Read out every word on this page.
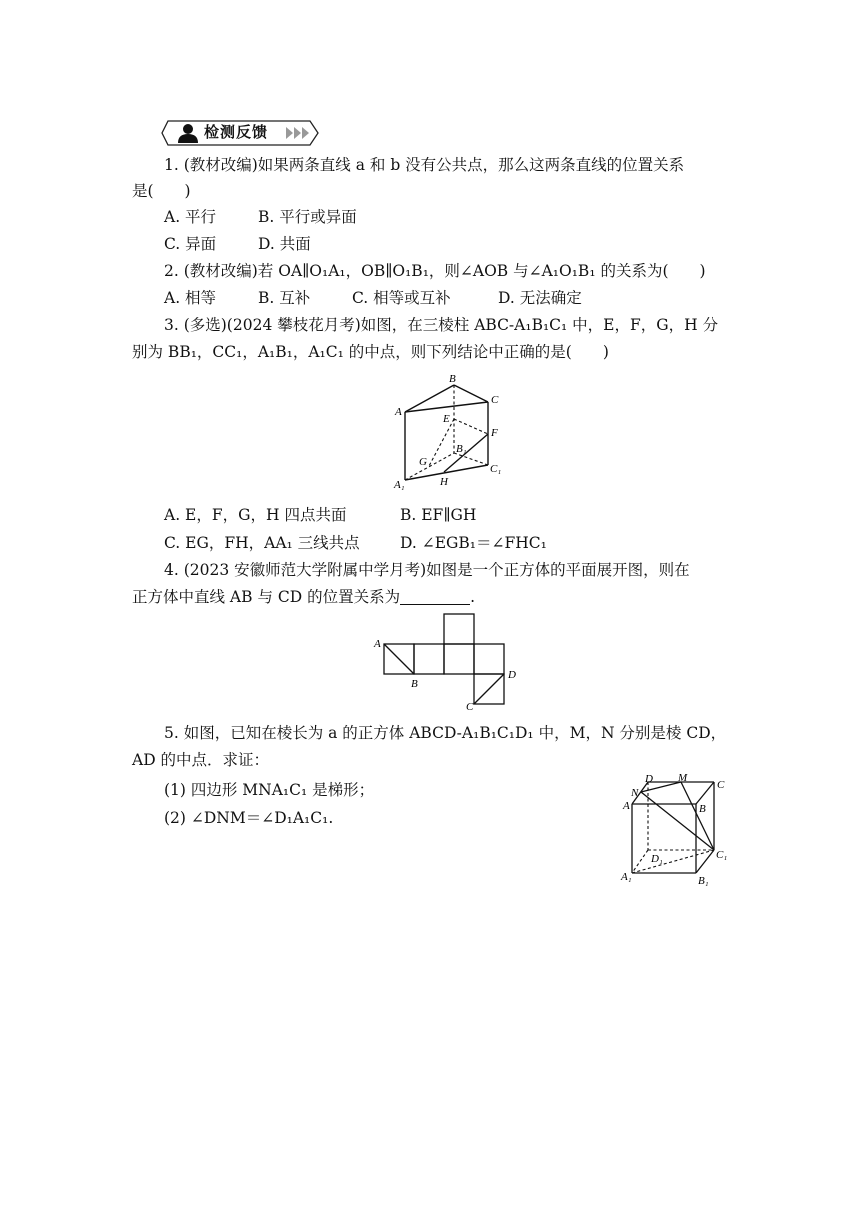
检测反馈
1. (教材改编)如果两条直线 a 和 b 没有公共点，那么这两条直线的位置关系
是(　　)
A. 平行	B. 平行或异面
C. 异面	D. 共面
2. (教材改编)若 OA∥O₁A₁，OB∥O₁B₁，则∠AOB 与∠A₁O₁B₁ 的关系为(　　)
A. 相等	B. 互补	C. 相等或互补	D. 无法确定
3. (多选)(2024 攀枝花月考)如图，在三棱柱 ABC-A₁B₁C₁ 中，E，F，G，H 分
别为 BB₁，CC₁，A₁B₁，A₁C₁ 的中点，则下列结论中正确的是(　　)
B
A
C
E
F
B₁
G
C₁
A₁	H
A. E，F，G，H 四点共面	B. EF∥GH
C. EG，FH，AA₁ 三线共点	D. ∠EGB₁＝∠FHC₁
4. (2023 安徽师范大学附属中学月考)如图是一个正方体的平面展开图，则在
正方体中直线 AB 与 CD 的位置关系为	.
A
B
D
C
5. 如图，已知在棱长为 a 的正方体 ABCD-A₁B₁C₁D₁ 中，M，N 分别是棱 CD，
AD 的中点．求证：
(1) 四边形 MNA₁C₁ 是梯形；
(2) ∠DNM＝∠D₁A₁C₁.
D M
C
N
A	B
D₁	C₁
A₁	B₁
